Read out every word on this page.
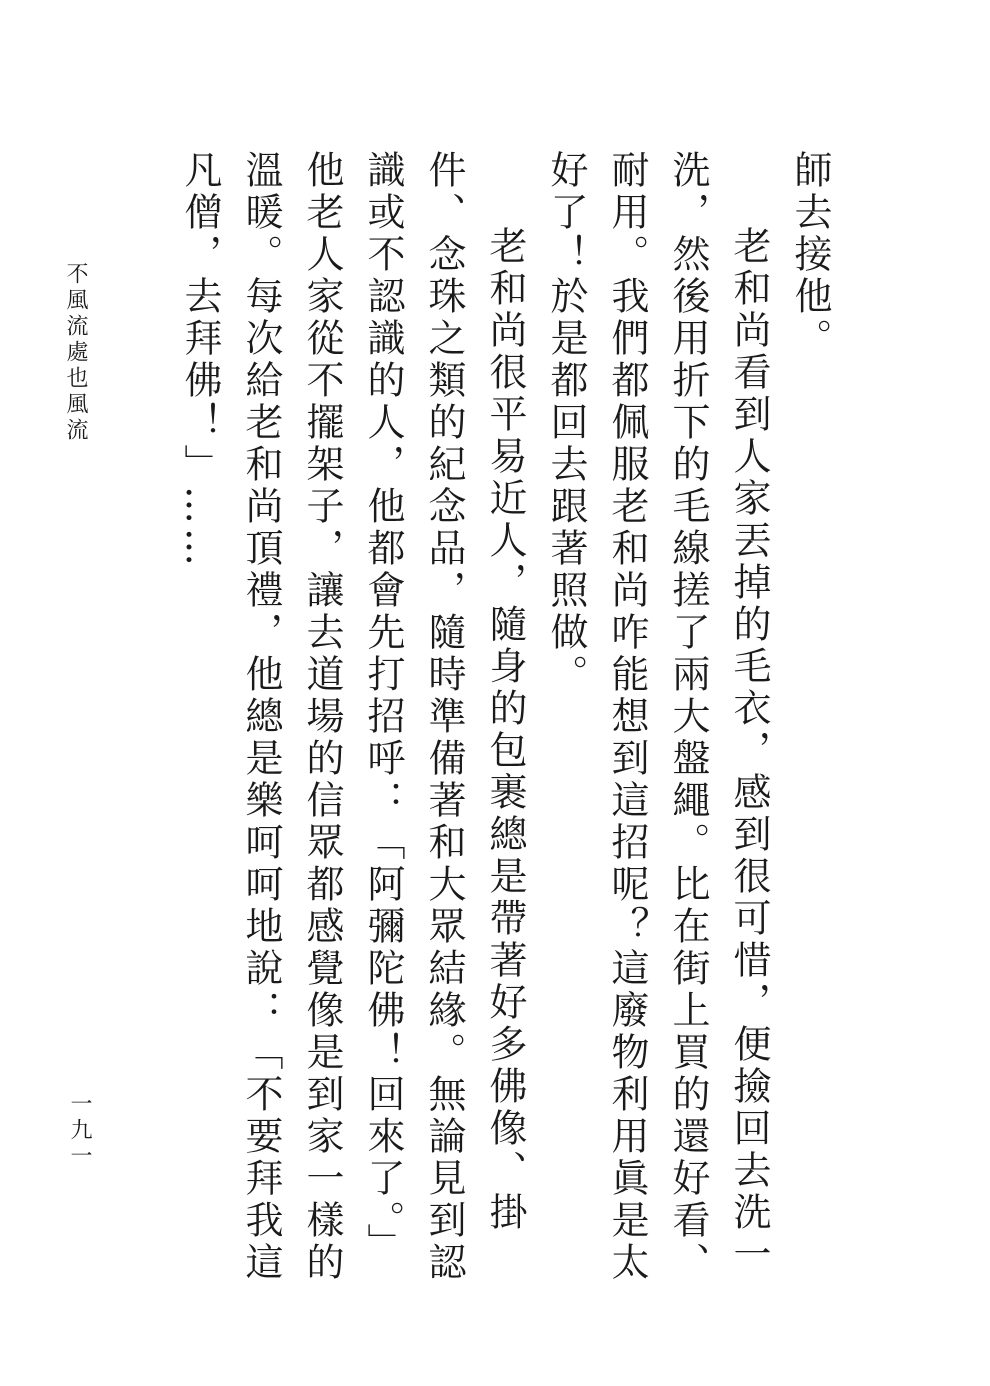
師去接他。

老和尚看到人家丟掉的毛衣，感到很可惜，便撿回去洗一洗，然後用折下的毛線搓了兩大盤繩。比在街上買的還好看、耐用。我們都佩服老和尚咋能想到這招呢？這廢物利用眞是太好了！於是都回去跟著照做。

老和尚很平易近人，隨身的包裹總是帶著好多佛像、掛件、念珠之類的紀念品，隨時準備著和大眾結緣。無論見到認識或不認識的人，他都會先打招呼：「阿彌陀佛！回來了。」他老人家從不擺架子，讓去道場的信眾都感覺像是到家一樣的溫暖。每次給老和尚頂禮，他總是樂呵呵地說：「不要拜我這凡僧，去拜佛！」……

不風流處也風流
一九一
